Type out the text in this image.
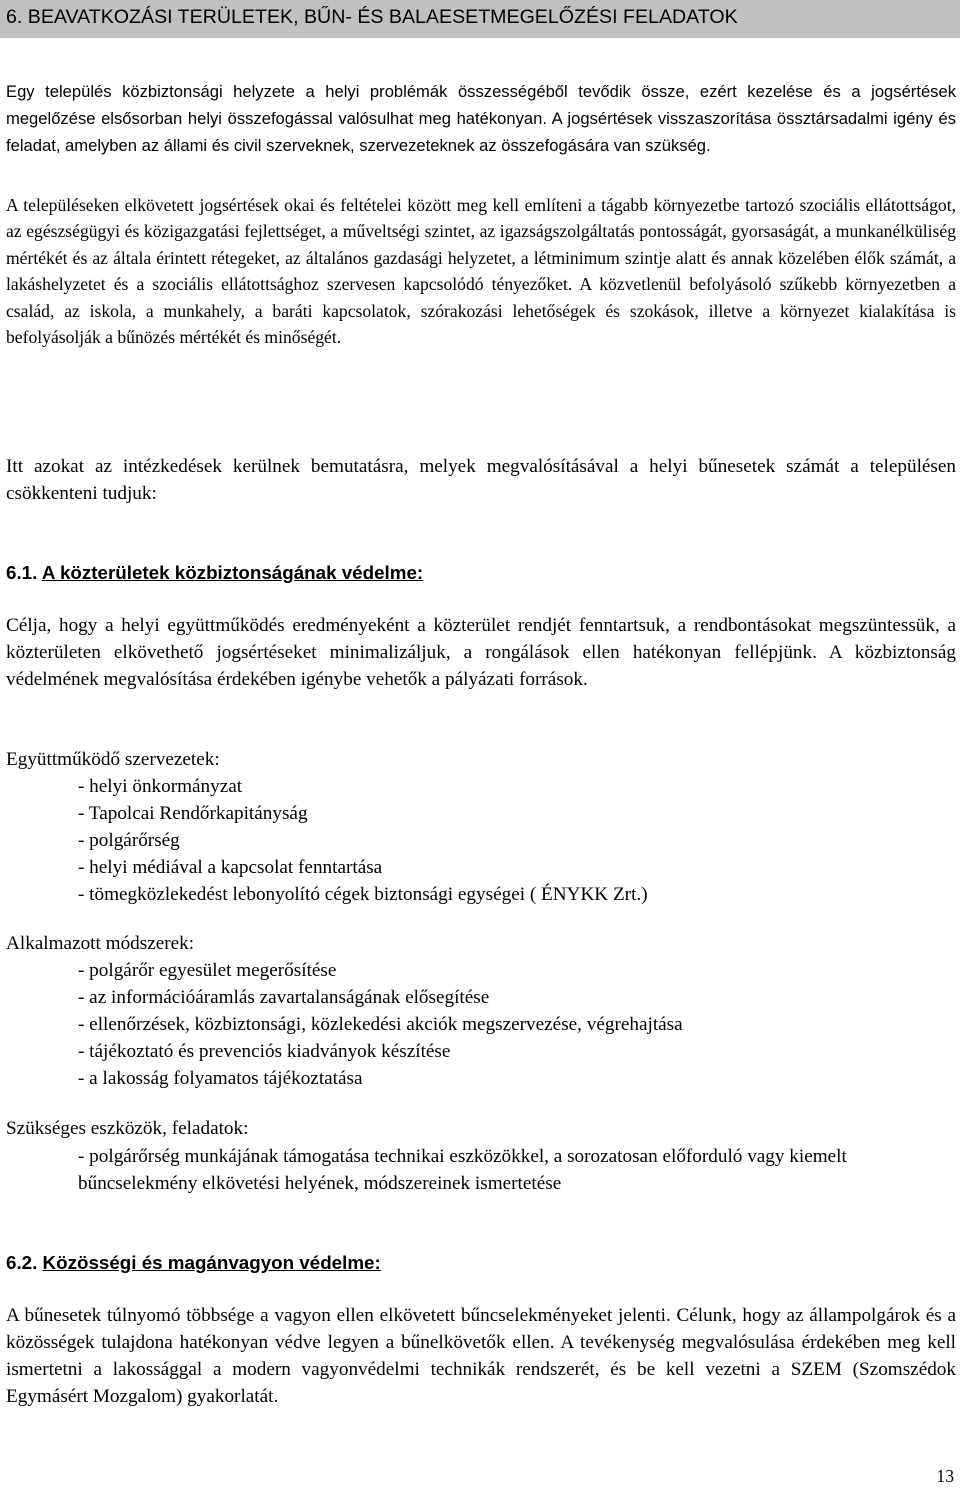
6. BEAVATKOZÁSI TERÜLETEK, BŰN- ÉS BALAESETMEGELŐZÉSI FELADATOK

Egy település közbiztonsági helyzete a helyi problémák összességéből tevődik össze, ezért kezelése és a jogsértések megelőzése elsősorban helyi összefogással valósulhat meg hatékonyan. A jogsértések visszaszorítása össztársadalmi igény és feladat, amelyben az állami és civil szerveknek, szervezeteknek az összefogására van szükség.

A településeken elkövetett jogsértések okai és feltételei között meg kell említeni a tágabb környezetbe tartozó szociális ellátottságot, az egészségügyi és közigazgatási fejlettséget, a műveltségi szintet, az igazságszolgáltatás pontosságát, gyorsaságát, a munkanélküliség mértékét és az általa érintett rétegeket, az általános gazdasági helyzetet, a létminimum szintje alatt és annak közelében élők számát, a lakáshelyzetet és a szociális ellátottsághoz szervesen kapcsolódó tényezőket. A közvetlenül befolyásoló szűkebb környezetben a család, az iskola, a munkahely, a baráti kapcsolatok, szórakozási lehetőségek és szokások, illetve a környezet kialakítása is befolyásolják a bűnözés mértékét és minőségét.

Itt azokat az intézkedések kerülnek bemutatásra, melyek megvalósításával a helyi bűnesetek számát a településen csökkenteni tudjuk:

6.1. A közterületek közbiztonságának védelme:

Célja, hogy a helyi együttműködés eredményeként a közterület rendjét fenntartsuk, a rendbontásokat megszüntessük, a közterületen elkövethető jogsértéseket minimalizáljuk, a rongálások ellen hatékonyan fellépjünk. A közbiztonság védelmének megvalósítása érdekében igénybe vehetők a pályázati források.

Együttműködő szervezetek:

- helyi önkormányzat
- Tapolcai Rendőrkapitányság
- polgárőrség
- helyi médiával a kapcsolat fenntartása
- tömegközlekedést lebonyolító cégek biztonsági egységei ( ÉNYKK Zrt.)

Alkalmazott módszerek:

- polgárőr egyesület megerősítése
- az információáramlás zavartalanságának elősegítése
- ellenőrzések, közbiztonsági, közlekedési akciók megszervezése, végrehajtása
- tájékoztató és prevenciós kiadványok készítése
- a lakosság folyamatos tájékoztatása

Szükséges eszközök, feladatok:

- polgárőrség munkájának támogatása technikai eszközökkel, a sorozatosan előforduló vagy kiemelt bűncselekmény elkövetési helyének, módszereinek ismertetése
6.2. Közösségi és magánvagyon védelme:

A bűnesetek túlnyomó többsége a vagyon ellen elkövetett bűncselekményeket jelenti. Célunk, hogy az állampolgárok és a közösségek tulajdona hatékonyan védve legyen a bűnelkövetők ellen. A tevékenység megvalósulása érdekében meg kell ismertetni a lakossággal a modern vagyonvédelmi technikák rendszerét, és be kell vezetni a SZEM (Szomszédok Egymásért Mozgalom) gyakorlatát.

13
